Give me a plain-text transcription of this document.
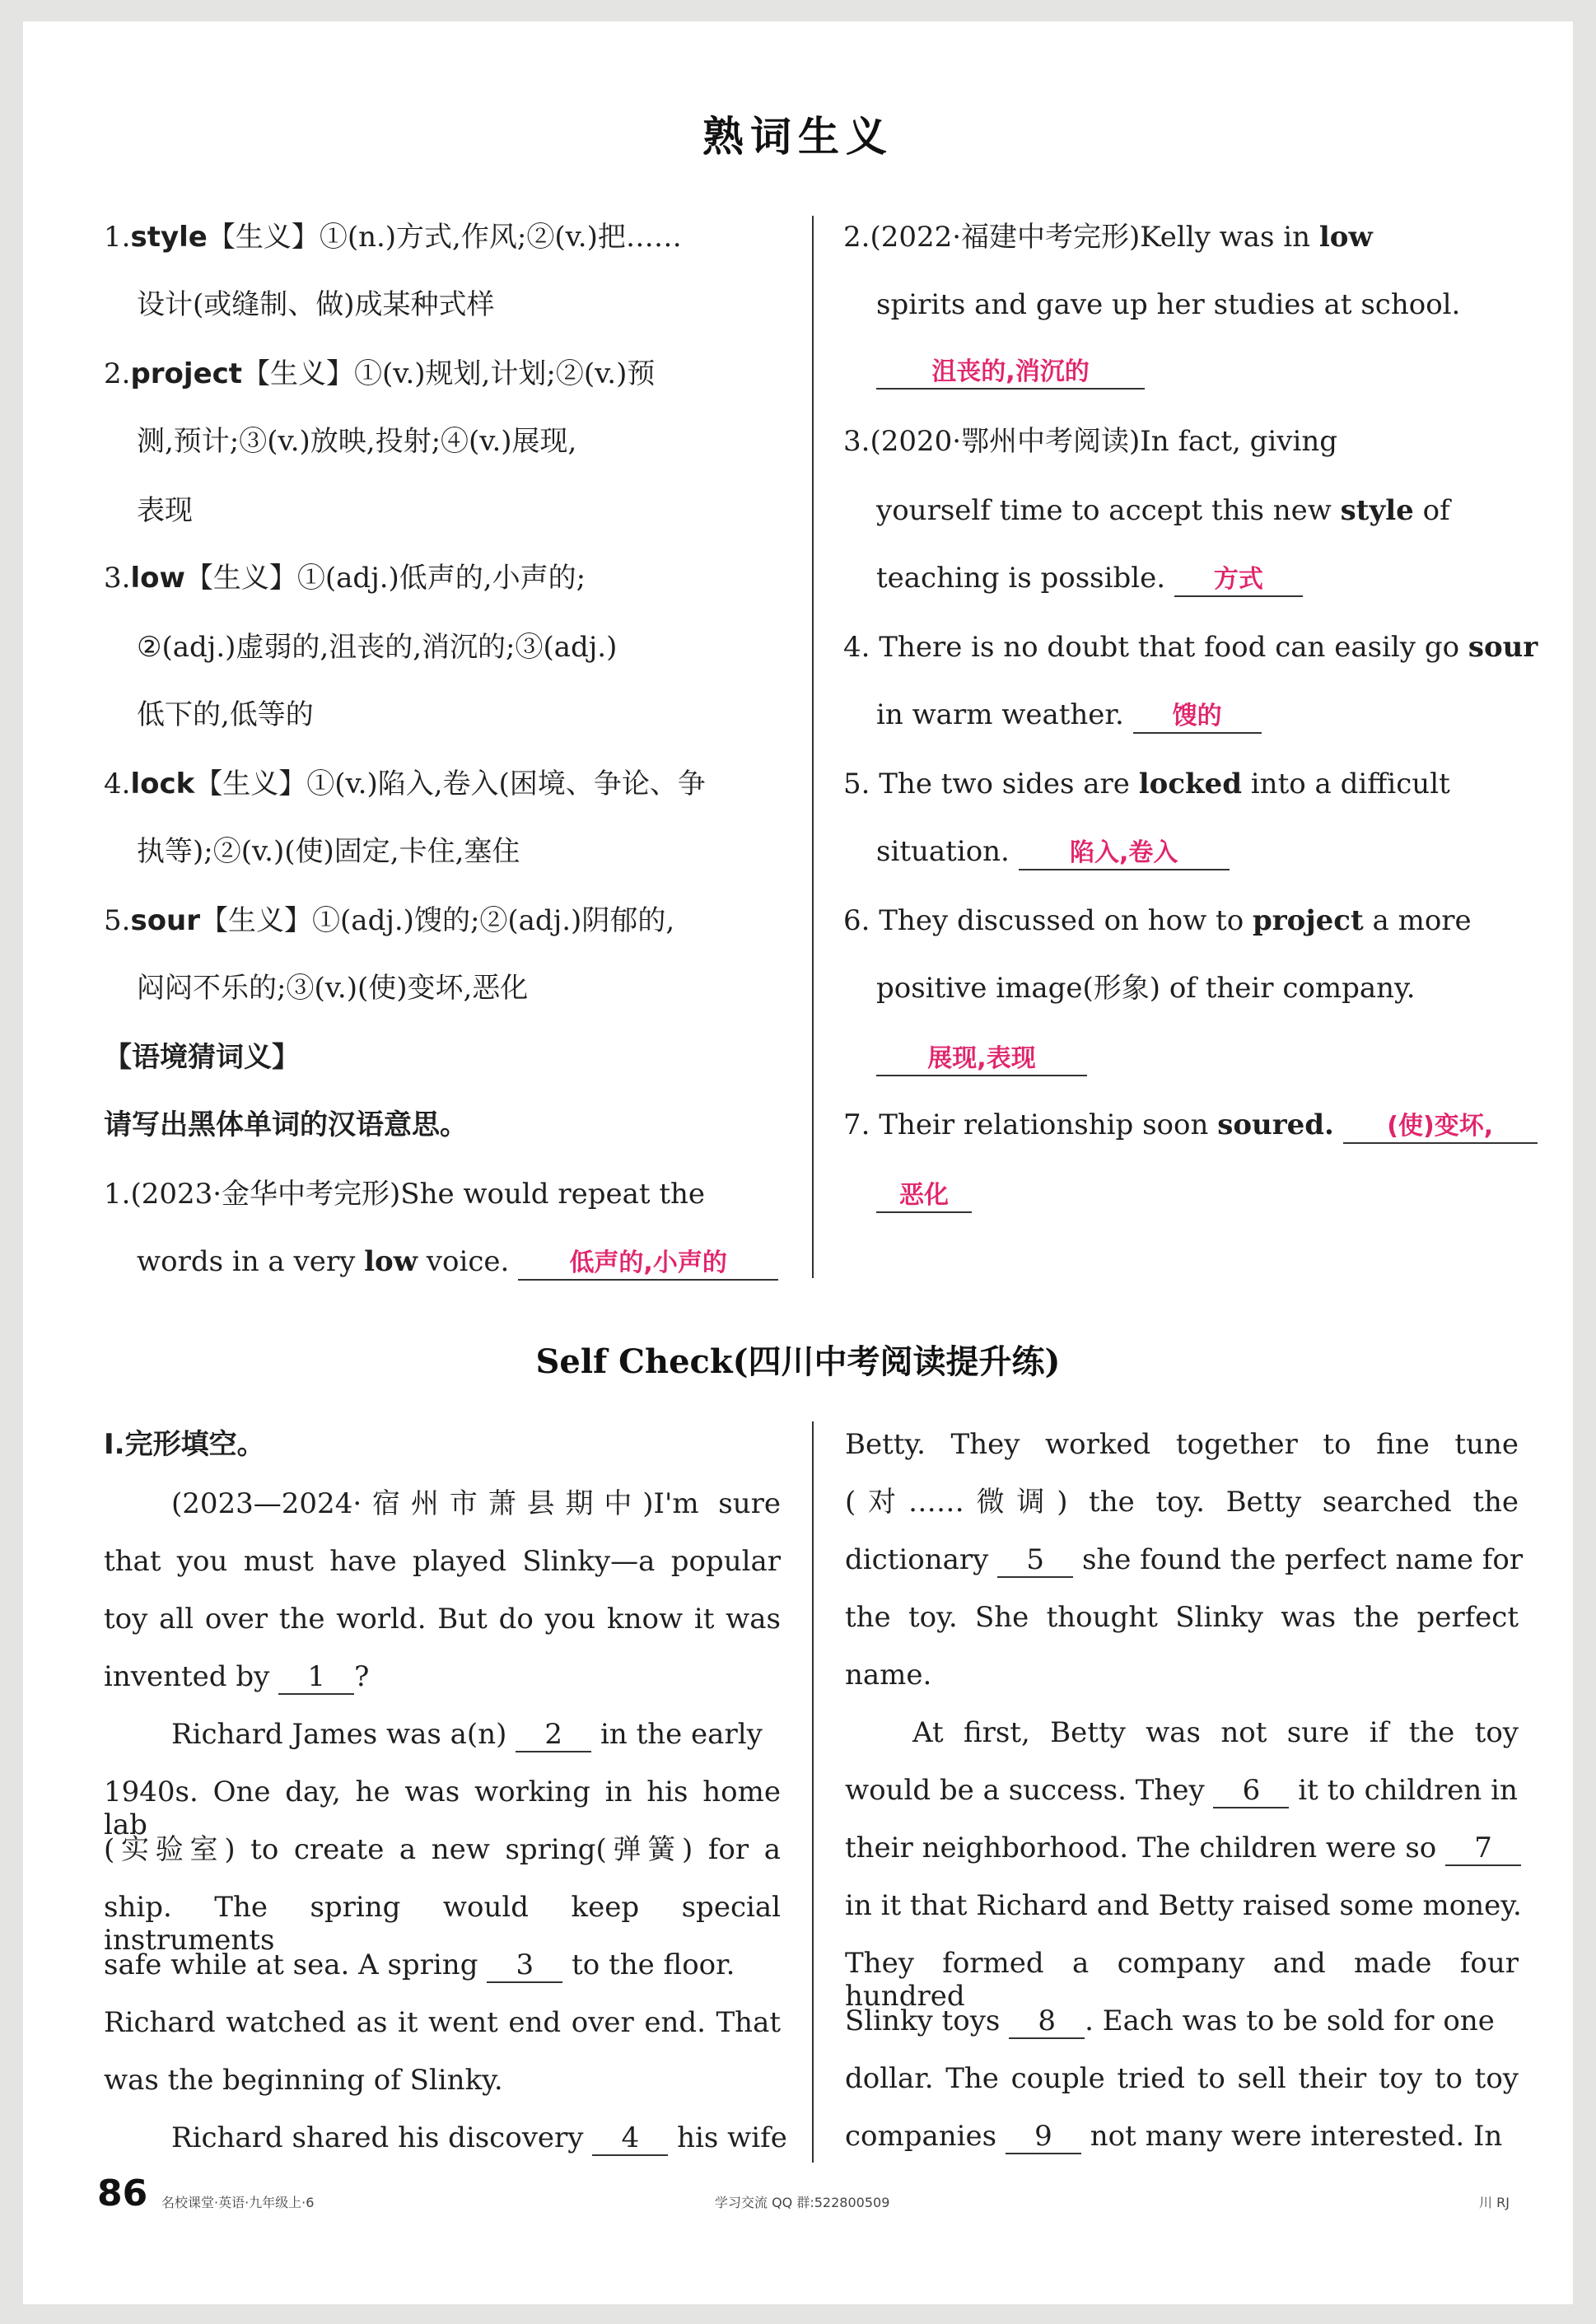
熟词生义
1.style【生义】①(n.)方式,作风;②(v.)把……
设计(或缝制、做)成某种式样
2.project【生义】①(v.)规划,计划;②(v.)预
测,预计;③(v.)放映,投射;④(v.)展现,
表现
3.low【生义】①(adj.)低声的,小声的;
②(adj.)虚弱的,沮丧的,消沉的;③(adj.)
低下的,低等的
4.lock【生义】①(v.)陷入,卷入(困境、争论、争
执等);②(v.)(使)固定,卡住,塞住
5.sour【生义】①(adj.)馊的;②(adj.)阴郁的,
闷闷不乐的;③(v.)(使)变坏,恶化
【语境猜词义】
请写出黑体单词的汉语意思。
1.(2023·金华中考完形)She would repeat the
words in a very low voice. 低声的,小声的
2.(2022·福建中考完形)Kelly was in low
spirits and gave up her studies at school.
沮丧的,消沉的
3.(2020·鄂州中考阅读)In fact, giving
yourself time to accept this new style of
teaching is possible. 方式
4. There is no doubt that food can easily go sour
in warm weather. 馊的
5. The two sides are locked into a difficult
situation. 陷入,卷入
6. They discussed on how to project a more
positive image(形象) of their company.
展现,表现
7. Their relationship soon soured. (使)变坏,
恶化
Self Check(四川中考阅读提升练)
Ⅰ.完形填空。
(2023—2024·宿州市萧县期中)I'm sure
that you must have played Slinky—a popular
toy all over the world. But do you know it was
invented by 1 ?
Richard James was a(n) 2 in the early
1940s. One day, he was working in his home lab
(实验室) to create a new spring(弹簧) for a
ship. The spring would keep special instruments
safe while at sea. A spring 3 to the floor.
Richard watched as it went end over end. That
was the beginning of Slinky.
Richard shared his discovery 4 his wife
Betty. They worked together to fine tune
(对……微调) the toy. Betty searched the
dictionary 5 she found the perfect name for
the toy. She thought Slinky was the perfect
name.
At first, Betty was not sure if the toy
would be a success. They 6 it to children in
their neighborhood. The children were so 7
in it that Richard and Betty raised some money.
They formed a company and made four hundred
Slinky toys 8 . Each was to be sold for one
dollar. The couple tried to sell their toy to toy
companies 9 not many were interested. In
86 名校课堂·英语·九年级上·6	学习交流 QQ 群:522800509	川 RJ
